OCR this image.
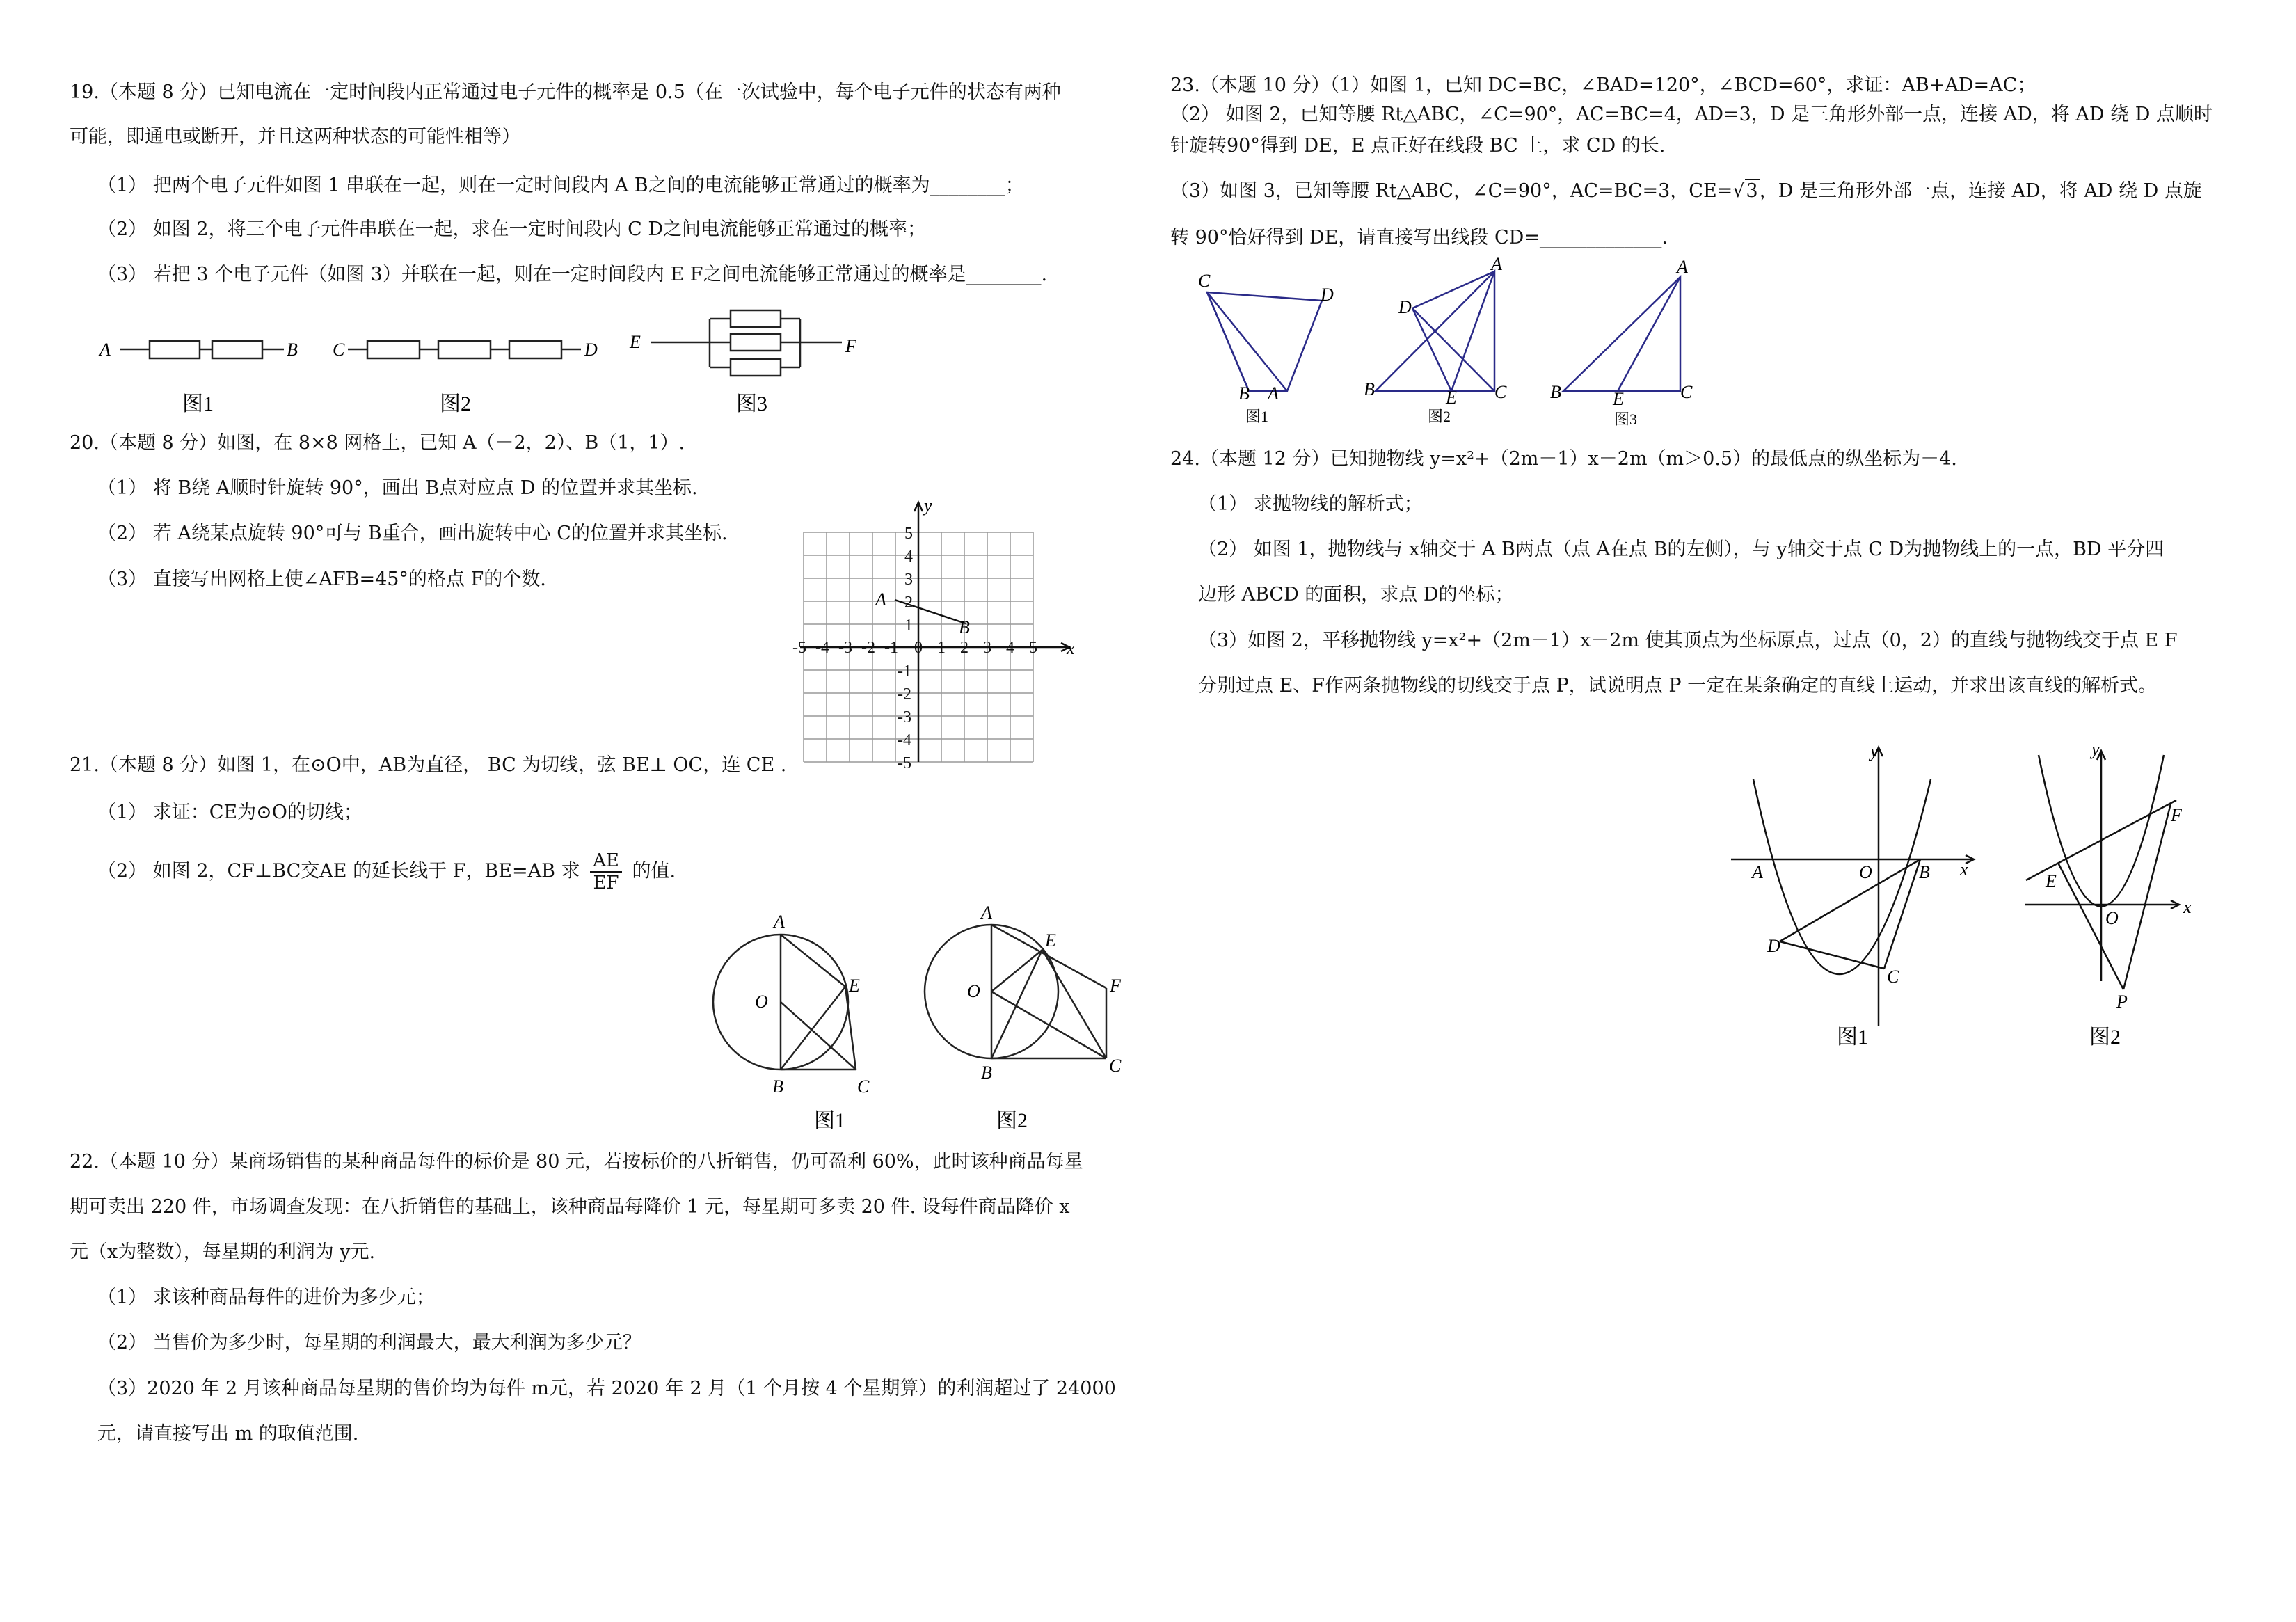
19.（本题 8 分）已知电流在一定时间段内正常通过电子元件的概率是 0.5（在一次试验中，每个电子元件的状态有两种
可能，即通电或断开，并且这两种状态的可能性相等）
（1） 把两个电子元件如图 1 串联在一起，则在一定时间段内 A B之间的电流能够正常通过的概率为________；
（2） 如图 2，将三个电子元件串联在一起，求在一定时间段内 C D之间电流能够正常通过的概率；
（3） 若把 3 个电子元件（如图 3）并联在一起，则在一定时间段内 E F之间电流能够正常通过的概率是________.
A	B C	D E	F
图1	图2	图3
20.（本题 8 分）如图，在 8×8 网格上，已知 A（－2，2）、B（1，1）.
（1） 将 B绕 A顺时针旋转 90°，画出 B点对应点 D 的位置并求其坐标.
（2） 若 A绕某点旋转 90°可与 B重合，画出旋转中心 C的位置并求其坐标.
（3） 直接写出网格上使∠AFB=45°的格点 F的个数.
x
y
A
B
-5 -4 -3 -2 -1 0 1 2 3 4 5
5
4
3
2
1
-1
-2
-3
-4
-5
21.（本题 8 分）如图 1，在⊙O中，AB为直径， BC 为切线，弦 BE⊥ OC，连 CE .
（1） 求证：CE为⊙O的切线；
（2） 如图 2，CF⊥BC交AE 的延长线于 F，BE=AB 求 $\frac{AE}{EF}$ 的值.
A
O
E
B	C
图1
A
O
E
F
B	C
图2
22.（本题 10 分）某商场销售的某种商品每件的标价是 80 元，若按标价的八折销售，仍可盈利 60%，此时该种商品每星
期可卖出 220 件，市场调查发现：在八折销售的基础上，该种商品每降价 1 元，每星期可多卖 20 件. 设每件商品降价 x
元（x为整数），每星期的利润为 y元.
（1） 求该种商品每件的进价为多少元；
（2） 当售价为多少时，每星期的利润最大，最大利润为多少元？
（3）2020 年 2 月该种商品每星期的售价均为每件 m元，若 2020 年 2 月（1 个月按 4 个星期算）的利润超过了 24000
元，请直接写出 m 的取值范围.
23.（本题 10 分）（1）如图 1，已知 DC=BC，∠BAD=120°，∠BCD=60°，求证：AB+AD=AC；
（2） 如图 2，已知等腰 Rt△ABC，∠C=90°，AC=BC=4，AD=3，D 是三角形外部一点，连接 AD，将 AD 绕 D 点顺时
针旋转90°得到 DE，E 点正好在线段 BC 上，求 CD 的长.
（3）如图 3，已知等腰 Rt△ABC，∠C=90°，AC=BC=3，CE=√3，D 是三角形外部一点，连接 AD，将 AD 绕 D 点旋
转 90°恰好得到 DE，请直接写出线段 CD=_____________.
C
D
B A
图1
A
D
B	E C
图2
A
B	E	C
图3
24.（本题 12 分）已知抛物线 y=x²+（2m－1）x－2m（m＞0.5）的最低点的纵坐标为－4.
（1） 求抛物线的解析式；
（2） 如图 1，抛物线与 x轴交于 A B两点（点 A在点 B的左侧），与 y轴交于点 C D为抛物线上的一点，BD 平分四
边形 ABCD 的面积，求点 D的坐标；
（3）如图 2，平移抛物线 y=x²+（2m－1）x－2m 使其顶点为坐标原点，过点（0，2）的直线与抛物线交于点 E F
分别过点 E、F作两条抛物线的切线交于点 P，试说明点 P 一定在某条确定的直线上运动，并求出该直线的解析式。
y
x
A	O	B
D
C
图1
y
x
E
F
O
P
图2
